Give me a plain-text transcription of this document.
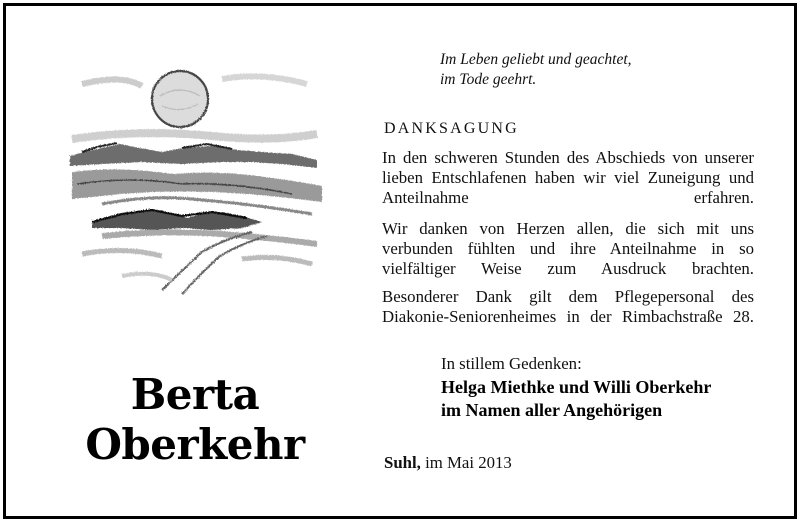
Im Leben geliebt und geachtet,
im Tode geehrt.
DANKSAGUNG
In den schweren Stunden des Abschieds von unserer lieben Entschlafenen haben wir viel Zuneigung und Anteilnahme erfahren.
Wir danken von Herzen allen, die sich mit uns verbunden fühlten und ihre Anteilnahme in so vielfältiger Weise zum Ausdruck brachten.
Besonderer Dank gilt dem Pflegepersonal des Diakonie-Seniorenheimes in der Rimbachstraße 28.
In stillem Gedenken:
Helga Miethke und Willi Oberkehr
im Namen aller Angehörigen
Suhl, im Mai 2013
Berta
Oberkehr
